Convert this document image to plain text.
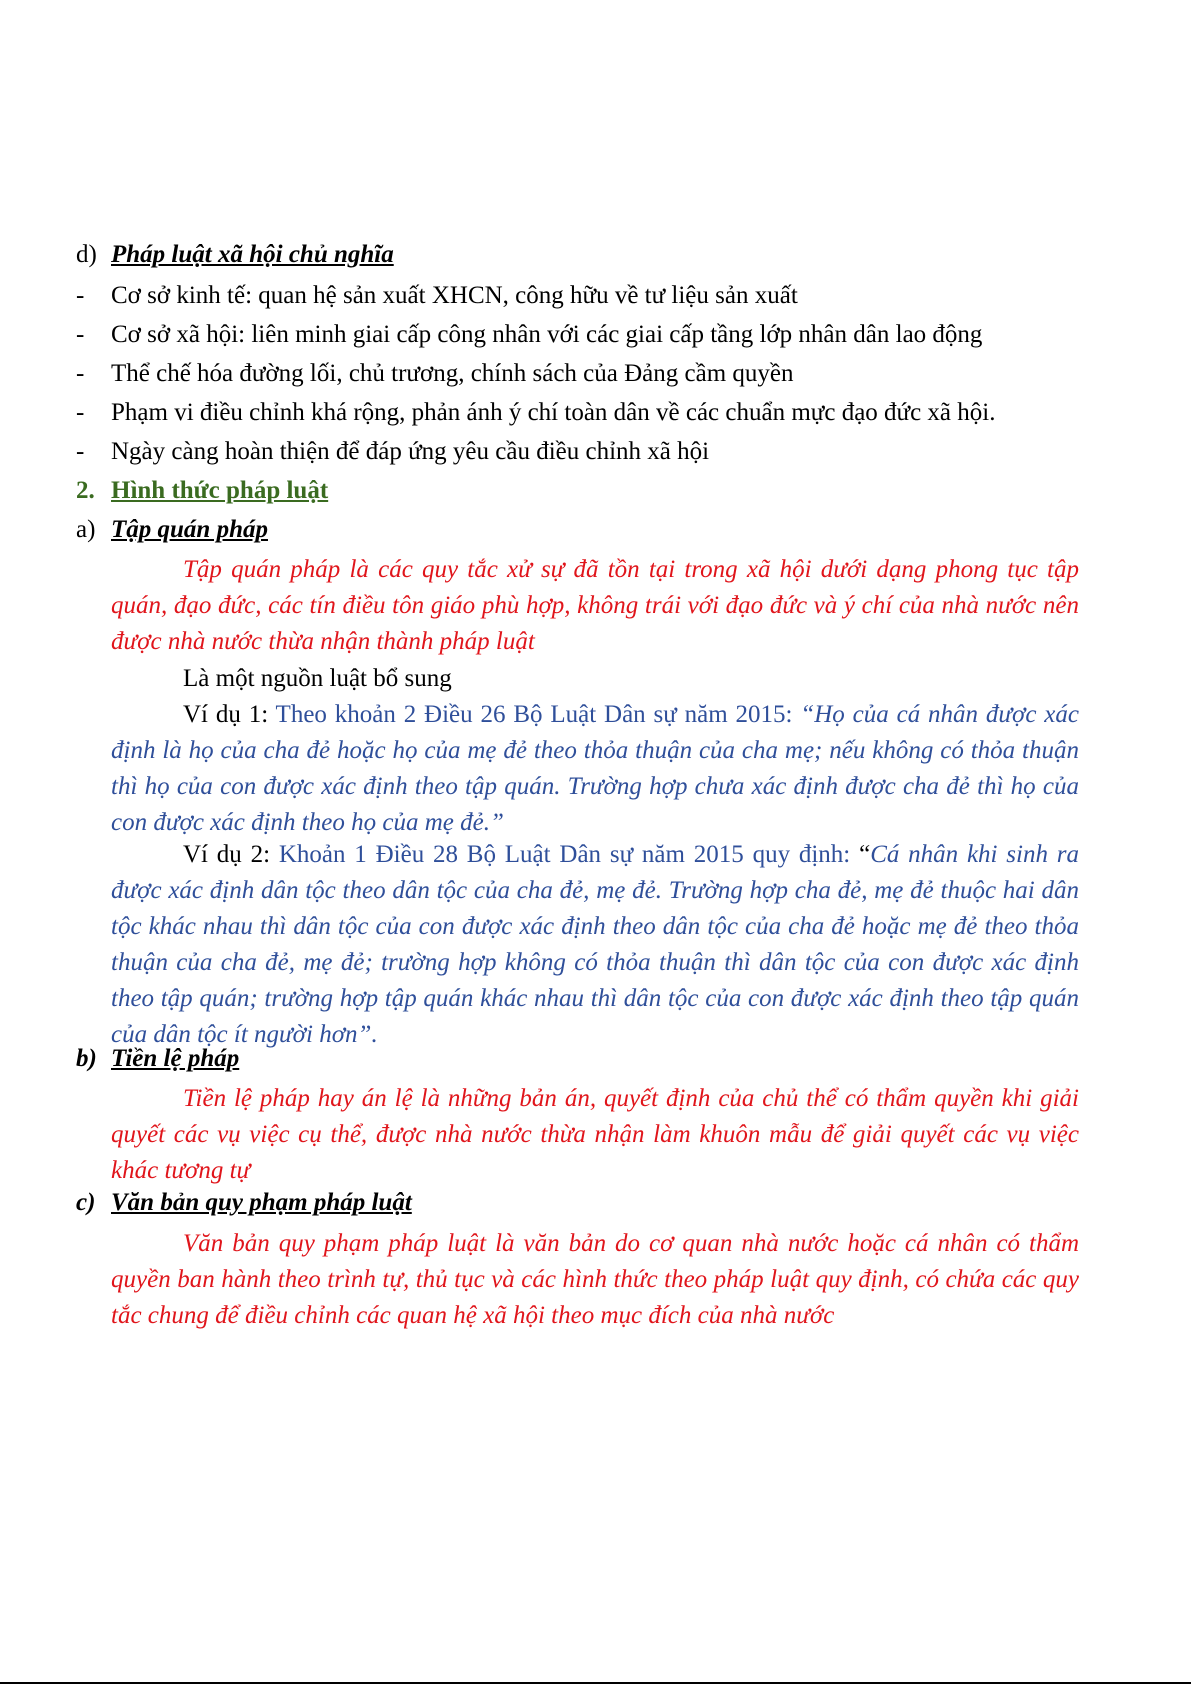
d) Pháp luật xã hội chủ nghĩa
- Cơ sở kinh tế: quan hệ sản xuất XHCN, công hữu về tư liệu sản xuất
- Cơ sở xã hội: liên minh giai cấp công nhân với các giai cấp tầng lớp nhân dân lao động
- Thể chế hóa đường lối, chủ trương, chính sách của Đảng cầm quyền
- Phạm vi điều chỉnh khá rộng, phản ánh ý chí toàn dân về các chuẩn mực đạo đức xã hội.
- Ngày càng hoàn thiện để đáp ứng yêu cầu điều chỉnh xã hội
2. Hình thức pháp luật
a) Tập quán pháp
Tập quán pháp là các quy tắc xử sự đã tồn tại trong xã hội dưới dạng phong tục tập quán, đạo đức, các tín điều tôn giáo phù hợp, không trái với đạo đức và ý chí của nhà nước nên được nhà nước thừa nhận thành pháp luật
Là một nguồn luật bổ sung
Ví dụ 1: Theo khoản 2 Điều 26 Bộ Luật Dân sự năm 2015: “Họ của cá nhân được xác định là họ của cha đẻ hoặc họ của mẹ đẻ theo thỏa thuận của cha mẹ; nếu không có thỏa thuận thì họ của con được xác định theo tập quán. Trường hợp chưa xác định được cha đẻ thì họ của con được xác định theo họ của mẹ đẻ.”
Ví dụ 2: Khoản 1 Điều 28 Bộ Luật Dân sự năm 2015 quy định: “Cá nhân khi sinh ra được xác định dân tộc theo dân tộc của cha đẻ, mẹ đẻ. Trường hợp cha đẻ, mẹ đẻ thuộc hai dân tộc khác nhau thì dân tộc của con được xác định theo dân tộc của cha đẻ hoặc mẹ đẻ theo thỏa thuận của cha đẻ, mẹ đẻ; trường hợp không có thỏa thuận thì dân tộc của con được xác định theo tập quán; trường hợp tập quán khác nhau thì dân tộc của con được xác định theo tập quán của dân tộc ít người hơn”.
b) Tiền lệ pháp
Tiền lệ pháp hay án lệ là những bản án, quyết định của chủ thể có thẩm quyền khi giải quyết các vụ việc cụ thể, được nhà nước thừa nhận làm khuôn mẫu để giải quyết các vụ việc khác tương tự
c) Văn bản quy phạm pháp luật
Văn bản quy phạm pháp luật là văn bản do cơ quan nhà nước hoặc cá nhân có thẩm quyền ban hành theo trình tự, thủ tục và các hình thức theo pháp luật quy định, có chứa các quy tắc chung để điều chỉnh các quan hệ xã hội theo mục đích của nhà nước
